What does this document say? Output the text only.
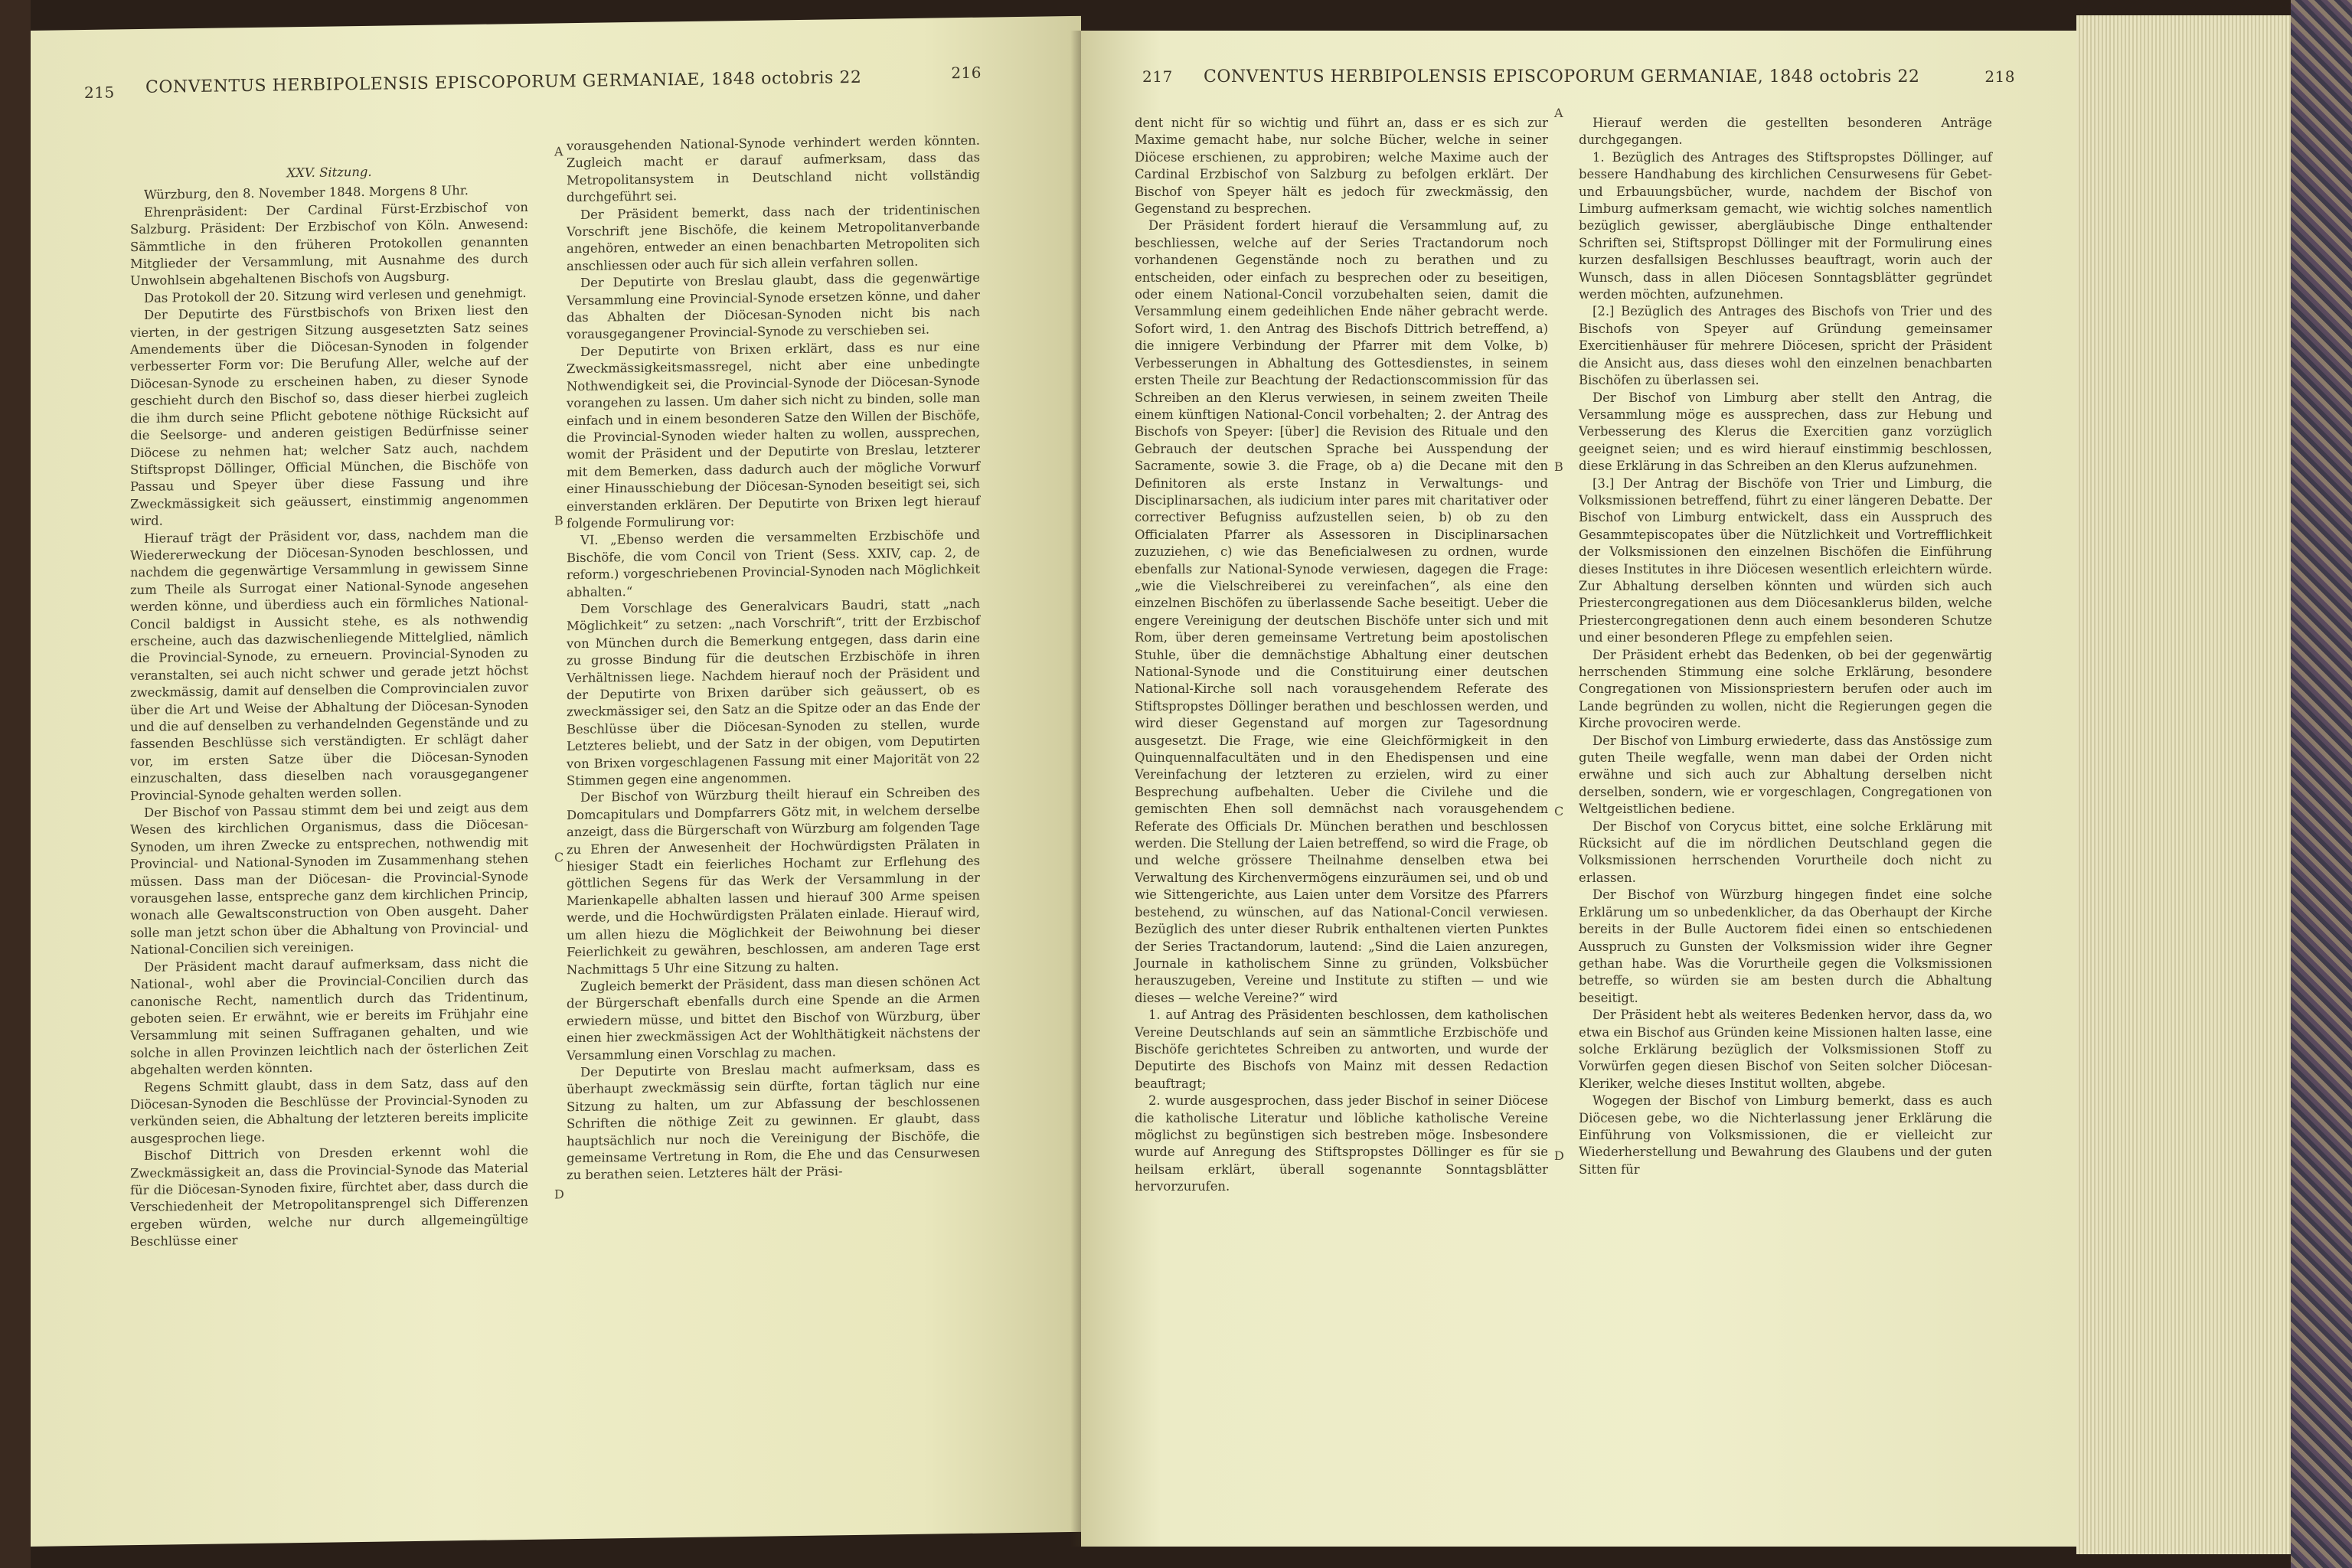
215 CONVENTUS HERBIPOLENSIS EPISCOPORUM GERMANIAE, 1848 octobris 22	216

XXV. Sitzung.

Würzburg, den 8. November 1848. Morgens 8 Uhr.

Ehrenpräsident: Der Cardinal Fürst-Erzbischof von Salzburg. Präsident: Der Erzbischof von Köln. Anwesend: Sämmtliche in den früheren Protokollen genannten Mitglieder der Versammlung, mit Ausnahme des durch Unwohlsein abgehaltenen Bischofs von Augsburg.

Das Protokoll der 20. Sitzung wird verlesen und genehmigt.

Der Deputirte des Fürstbischofs von Brixen liest den vierten, in der gestrigen Sitzung ausgesetzten Satz seines Amendements über die Diöcesan-Synoden in folgender verbesserter Form vor: Die Berufung Aller, welche auf der Diöcesan-Synode zu erscheinen haben, zu dieser Synode geschieht durch den Bischof so, dass dieser hierbei zugleich die ihm durch seine Pflicht gebotene nöthige Rücksicht auf die Seelsorge- und anderen geistigen Bedürfnisse seiner Diöcese zu nehmen hat; welcher Satz auch, nachdem Stiftspropst Döllinger, Official München, die Bischöfe von Passau und Speyer über diese Fassung und ihre Zweckmässigkeit sich geäussert, einstimmig angenommen wird.

Hierauf trägt der Präsident vor, dass, nachdem man die Wiedererweckung der Diöcesan-Synoden beschlossen, und nachdem die gegenwärtige Versammlung in gewissem Sinne zum Theile als Surrogat einer National-Synode angesehen werden könne, und überdiess auch ein förmliches National-Concil baldigst in Aussicht stehe, es als nothwendig erscheine, auch das dazwischenliegende Mittelglied, nämlich die Provincial-Synode, zu erneuern. Provincial-Synoden zu veranstalten, sei auch nicht schwer und gerade jetzt höchst zweckmässig, damit auf denselben die Comprovincialen zuvor über die Art und Weise der Abhaltung der Diöcesan-Synoden und die auf denselben zu verhandelnden Gegenstände und zu fassenden Beschlüsse sich verständigten. Er schlägt daher vor, im ersten Satze über die Diöcesan-Synoden einzuschalten, dass dieselben nach vorausgegangener Provincial-Synode gehalten werden sollen.

Der Bischof von Passau stimmt dem bei und zeigt aus dem Wesen des kirchlichen Organismus, dass die Diöcesan-Synoden, um ihren Zwecke zu entsprechen, nothwendig mit Provincial- und National-Synoden im Zusammenhang stehen müssen. Dass man der Diöcesan- die Provincial-Synode vorausgehen lasse, entspreche ganz dem kirchlichen Princip, wonach alle Gewaltsconstruction von Oben ausgeht. Daher solle man jetzt schon über die Abhaltung von Provincial- und National-Concilien sich vereinigen.

Der Präsident macht darauf aufmerksam, dass nicht die National-, wohl aber die Provincial-Concilien durch das canonische Recht, namentlich durch das Tridentinum, geboten seien. Er erwähnt, wie er bereits im Frühjahr eine Versammlung mit seinen Suffraganen gehalten, und wie solche in allen Provinzen leichtlich nach der österlichen Zeit abgehalten werden könnten.

Regens Schmitt glaubt, dass in dem Satz, dass auf den Diöcesan-Synoden die Beschlüsse der Provincial-Synoden zu verkünden seien, die Abhaltung der letzteren bereits implicite ausgesprochen liege.

Bischof Dittrich von Dresden erkennt wohl die Zweckmässigkeit an, dass die Provincial-Synode das Material für die Diöcesan-Synoden fixire, fürchtet aber, dass durch die Verschiedenheit der Metropolitansprengel sich Differenzen ergeben würden, welche nur durch allgemeingültige Beschlüsse einer

A
B
C
D

vorausgehenden National-Synode verhindert werden könnten. Zugleich macht er darauf aufmerksam, dass das Metropolitansystem in Deutschland nicht vollständig durchgeführt sei.

Der Präsident bemerkt, dass nach der tridentinischen Vorschrift jene Bischöfe, die keinem Metropolitanverbande angehören, entweder an einen benachbarten Metropoliten sich anschliessen oder auch für sich allein verfahren sollen.

Der Deputirte von Breslau glaubt, dass die gegenwärtige Versammlung eine Provincial-Synode ersetzen könne, und daher das Abhalten der Diöcesan-Synoden nicht bis nach vorausgegangener Provincial-Synode zu verschieben sei.

Der Deputirte von Brixen erklärt, dass es nur eine Zweckmässigkeitsmassregel, nicht aber eine unbedingte Nothwendigkeit sei, die Provincial-Synode der Diöcesan-Synode vorangehen zu lassen. Um daher sich nicht zu binden, solle man einfach und in einem besonderen Satze den Willen der Bischöfe, die Provincial-Synoden wieder halten zu wollen, aussprechen, womit der Präsident und der Deputirte von Breslau, letzterer mit dem Bemerken, dass dadurch auch der mögliche Vorwurf einer Hinausschiebung der Diöcesan-Synoden beseitigt sei, sich einverstanden erklären. Der Deputirte von Brixen legt hierauf folgende Formulirung vor:

VI. „Ebenso werden die versammelten Erzbischöfe und Bischöfe, die vom Concil von Trient (Sess. XXIV, cap. 2, de reform.) vorgeschriebenen Provincial-Synoden nach Möglichkeit abhalten.“

Dem Vorschlage des Generalvicars Baudri, statt „nach Möglichkeit“ zu setzen: „nach Vorschrift“, tritt der Erzbischof von München durch die Bemerkung entgegen, dass darin eine zu grosse Bindung für die deutschen Erzbischöfe in ihren Verhältnissen liege. Nachdem hierauf noch der Präsident und der Deputirte von Brixen darüber sich geäussert, ob es zweckmässiger sei, den Satz an die Spitze oder an das Ende der Beschlüsse über die Diöcesan-Synoden zu stellen, wurde Letzteres beliebt, und der Satz in der obigen, vom Deputirten von Brixen vorgeschlagenen Fassung mit einer Majorität von 22 Stimmen gegen eine angenommen.

Der Bischof von Würzburg theilt hierauf ein Schreiben des Domcapitulars und Dompfarrers Götz mit, in welchem derselbe anzeigt, dass die Bürgerschaft von Würzburg am folgenden Tage zu Ehren der Anwesenheit der Hochwürdigsten Prälaten in hiesiger Stadt ein feierliches Hochamt zur Erflehung des göttlichen Segens für das Werk der Versammlung in der Marienkapelle abhalten lassen und hierauf 300 Arme speisen werde, und die Hochwürdigsten Prälaten einlade. Hierauf wird, um allen hiezu die Möglichkeit der Beiwohnung bei dieser Feierlichkeit zu gewähren, beschlossen, am anderen Tage erst Nachmittags 5 Uhr eine Sitzung zu halten.

Zugleich bemerkt der Präsident, dass man diesen schönen Act der Bürgerschaft ebenfalls durch eine Spende an die Armen erwiedern müsse, und bittet den Bischof von Würzburg, über einen hier zweckmässigen Act der Wohlthätigkeit nächstens der Versammlung einen Vorschlag zu machen.

Der Deputirte von Breslau macht aufmerksam, dass es überhaupt zweckmässig sein dürfte, fortan täglich nur eine Sitzung zu halten, um zur Abfassung der beschlossenen Schriften die nöthige Zeit zu gewinnen. Er glaubt, dass hauptsächlich nur noch die Vereinigung der Bischöfe, die gemeinsame Vertretung in Rom, die Ehe und das Censurwesen zu berathen seien. Letzteres hält der Präsi-

217 CONVENTUS HERBIPOLENSIS EPISCOPORUM GERMANIAE, 1848 octobris 22	218

dent nicht für so wichtig und führt an, dass er es sich zur Maxime gemacht habe, nur solche Bücher, welche in seiner Diöcese erschienen, zu approbiren; welche Maxime auch der Cardinal Erzbischof von Salzburg zu befolgen erklärt. Der Bischof von Speyer hält es jedoch für zweckmässig, den Gegenstand zu besprechen.

Der Präsident fordert hierauf die Versammlung auf, zu beschliessen, welche auf der Series Tractandorum noch vorhandenen Gegenstände noch zu berathen und zu entscheiden, oder einfach zu besprechen oder zu beseitigen, oder einem National-Concil vorzubehalten seien, damit die Versammlung einem gedeihlichen Ende näher gebracht werde. Sofort wird, 1. den Antrag des Bischofs Dittrich betreffend, a) die innigere Verbindung der Pfarrer mit dem Volke, b) Verbesserungen in Abhaltung des Gottesdienstes, in seinem ersten Theile zur Beachtung der Redactionscommission für das Schreiben an den Klerus verwiesen, in seinem zweiten Theile einem künftigen National-Concil vorbehalten; 2. der Antrag des Bischofs von Speyer: [über] die Revision des Rituale und den Gebrauch der deutschen Sprache bei Ausspendung der Sacramente, sowie 3. die Frage, ob a) die Decane mit den Definitoren als erste Instanz in Verwaltungs- und Disciplinarsachen, als iudicium inter pares mit charitativer oder correctiver Befugniss aufzustellen seien, b) ob zu den Officialaten Pfarrer als Assessoren in Disciplinarsachen zuzuziehen, c) wie das Beneficialwesen zu ordnen, wurde ebenfalls zur National-Synode verwiesen, dagegen die Frage: „wie die Vielschreiberei zu vereinfachen“, als eine den einzelnen Bischöfen zu überlassende Sache beseitigt. Ueber die engere Vereinigung der deutschen Bischöfe unter sich und mit Rom, über deren gemeinsame Vertretung beim apostolischen Stuhle, über die demnächstige Abhaltung einer deutschen National-Synode und die Constituirung einer deutschen National-Kirche soll nach vorausgehendem Referate des Stiftspropstes Döllinger berathen und beschlossen werden, und wird dieser Gegenstand auf morgen zur Tagesordnung ausgesetzt. Die Frage, wie eine Gleichförmigkeit in den Quinquennalfacultäten und in den Ehedispensen und eine Vereinfachung der letzteren zu erzielen, wird zu einer Besprechung aufbehalten. Ueber die Civilehe und die gemischten Ehen soll demnächst nach vorausgehendem Referate des Officials Dr. München berathen und beschlossen werden. Die Stellung der Laien betreffend, so wird die Frage, ob und welche grössere Theilnahme denselben etwa bei Verwaltung des Kirchenvermögens einzuräumen sei, und ob und wie Sittengerichte, aus Laien unter dem Vorsitze des Pfarrers bestehend, zu wünschen, auf das National-Concil verwiesen. Bezüglich des unter dieser Rubrik enthaltenen vierten Punktes der Series Tractandorum, lautend: „Sind die Laien anzuregen, Journale in katholischem Sinne zu gründen, Volksbücher herauszugeben, Vereine und Institute zu stiften — und wie dieses — welche Vereine?“ wird

1. auf Antrag des Präsidenten beschlossen, dem katholischen Vereine Deutschlands auf sein an sämmtliche Erzbischöfe und Bischöfe gerichtetes Schreiben zu antworten, und wurde der Deputirte des Bischofs von Mainz mit dessen Redaction beauftragt;

2. wurde ausgesprochen, dass jeder Bischof in seiner Diöcese die katholische Literatur und löbliche katholische Vereine möglichst zu begünstigen sich bestreben möge. Insbesondere wurde auf Anregung des Stiftspropstes Döllinger es für sie heilsam erklärt, überall sogenannte Sonntagsblätter hervorzurufen.

A
B
C
D

Hierauf werden die gestellten besonderen Anträge durchgegangen.

1. Bezüglich des Antrages des Stiftspropstes Döllinger, auf bessere Handhabung des kirchlichen Censurwesens für Gebet- und Erbauungsbücher, wurde, nachdem der Bischof von Limburg aufmerksam gemacht, wie wichtig solches namentlich bezüglich gewisser, abergläubische Dinge enthaltender Schriften sei, Stiftspropst Döllinger mit der Formulirung eines kurzen desfallsigen Beschlusses beauftragt, worin auch der Wunsch, dass in allen Diöcesen Sonntagsblätter gegründet werden möchten, aufzunehmen.

[2.] Bezüglich des Antrages des Bischofs von Trier und des Bischofs von Speyer auf Gründung gemeinsamer Exercitienhäuser für mehrere Diöcesen, spricht der Präsident die Ansicht aus, dass dieses wohl den einzelnen benachbarten Bischöfen zu überlassen sei.

Der Bischof von Limburg aber stellt den Antrag, die Versammlung möge es aussprechen, dass zur Hebung und Verbesserung des Klerus die Exercitien ganz vorzüglich geeignet seien; und es wird hierauf einstimmig beschlossen, diese Erklärung in das Schreiben an den Klerus aufzunehmen.

[3.] Der Antrag der Bischöfe von Trier und Limburg, die Volksmissionen betreffend, führt zu einer längeren Debatte. Der Bischof von Limburg entwickelt, dass ein Ausspruch des Gesammtepiscopates über die Nützlichkeit und Vortrefflichkeit der Volksmissionen den einzelnen Bischöfen die Einführung dieses Institutes in ihre Diöcesen wesentlich erleichtern würde. Zur Abhaltung derselben könnten und würden sich auch Priestercongregationen aus dem Diöcesanklerus bilden, welche Priestercongregationen denn auch einem besonderen Schutze und einer besonderen Pflege zu empfehlen seien.

Der Präsident erhebt das Bedenken, ob bei der gegenwärtig herrschenden Stimmung eine solche Erklärung, besondere Congregationen von Missionspriestern berufen oder auch im Lande begründen zu wollen, nicht die Regierungen gegen die Kirche provociren werde.

Der Bischof von Limburg erwiederte, dass das Anstössige zum guten Theile wegfalle, wenn man dabei der Orden nicht erwähne und sich auch zur Abhaltung derselben nicht derselben, sondern, wie er vorgeschlagen, Congregationen von Weltgeistlichen bediene.

Der Bischof von Corycus bittet, eine solche Erklärung mit Rücksicht auf die im nördlichen Deutschland gegen die Volksmissionen herrschenden Vorurtheile doch nicht zu erlassen.

Der Bischof von Würzburg hingegen findet eine solche Erklärung um so unbedenklicher, da das Oberhaupt der Kirche bereits in der Bulle Auctorem fidei einen so entschiedenen Ausspruch zu Gunsten der Volksmission wider ihre Gegner gethan habe. Was die Vorurtheile gegen die Volksmissionen betreffe, so würden sie am besten durch die Abhaltung beseitigt.

Der Präsident hebt als weiteres Bedenken hervor, dass da, wo etwa ein Bischof aus Gründen keine Missionen halten lasse, eine solche Erklärung bezüglich der Volksmissionen Stoff zu Vorwürfen gegen diesen Bischof von Seiten solcher Diöcesan-Kleriker, welche dieses Institut wollten, abgebe.

Wogegen der Bischof von Limburg bemerkt, dass es auch Diöcesen gebe, wo die Nichterlassung jener Erklärung die Einführung von Volksmissionen, die er vielleicht zur Wiederherstellung und Bewahrung des Glaubens und der guten Sitten für
